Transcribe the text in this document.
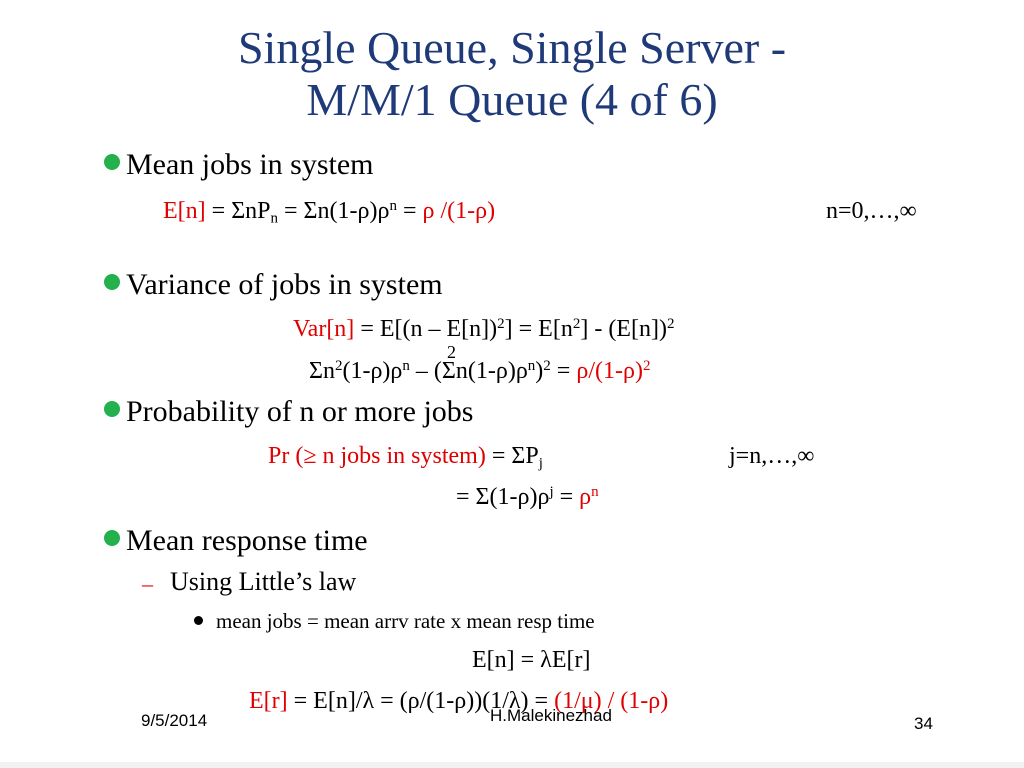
Single Queue, Single Server -
M/M/1 Queue (4 of 6)
Mean jobs in system
$E[n] = \Sigma nP_n = \Sigma n(1-\rho)\rho^n = \rho$ /(1-ρ)	n=0,…,∞
Variance of jobs in system
$Var[n] = E[(n - E[n])^2] = E[n^2] - (E[n])^2$
$\Sigma n^2(1-\rho)\rho^n - (\Sigma n(1-\rho)\rho^n)^2 = \rho/(1-\rho)^2$
2
Probability of n or more jobs
Pr (≥ n jobs in system) = $\Sigma P_j$	j=n,…,∞
= $\Sigma(1-\rho)\rho^j = \rho^n$
Mean response time
– Using Little’s law
mean jobs = mean arrv rate x mean resp time
E[n] = λE[r]
E[r] = E[n]/λ = (ρ/(1-ρ))(1/λ) = (1/μ) / (1-ρ)
9/5/2014	H.Malekinezhad	34
